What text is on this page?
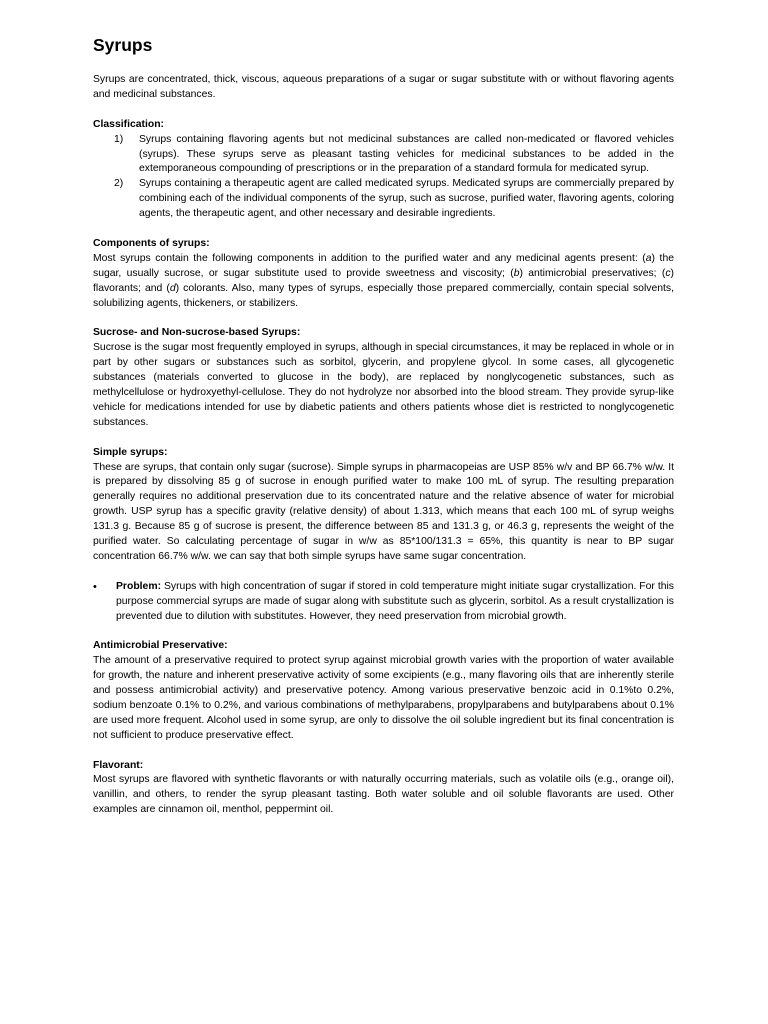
Syrups

Syrups are concentrated, thick, viscous, aqueous preparations of a sugar or sugar substitute with or without flavoring agents and medicinal substances.

Classification:

1) Syrups containing flavoring agents but not medicinal substances are called non-medicated or flavored vehicles (syrups). These syrups serve as pleasant tasting vehicles for medicinal substances to be added in the extemporaneous compounding of prescriptions or in the preparation of a standard formula for medicated syrup.
2) Syrups containing a therapeutic agent are called medicated syrups. Medicated syrups are commercially prepared by combining each of the individual components of the syrup, such as sucrose, purified water, flavoring agents, coloring agents, the therapeutic agent, and other necessary and desirable ingredients.

Components of syrups:

Most syrups contain the following components in addition to the purified water and any medicinal agents present: (a) the sugar, usually sucrose, or sugar substitute used to provide sweetness and viscosity; (b) antimicrobial preservatives; (c) flavorants; and (d) colorants. Also, many types of syrups, especially those prepared commercially, contain special solvents, solubilizing agents, thickeners, or stabilizers.

Sucrose- and Non-sucrose-based Syrups:

Sucrose is the sugar most frequently employed in syrups, although in special circumstances, it may be replaced in whole or in part by other sugars or substances such as sorbitol, glycerin, and propylene glycol. In some cases, all glycogenetic substances (materials converted to glucose in the body), are replaced by nonglycogenetic substances, such as methylcellulose or hydroxyethyl-cellulose. They do not hydrolyze nor absorbed into the blood stream. They provide syrup-like vehicle for medications intended for use by diabetic patients and others patients whose diet is restricted to nonglycogenetic substances.

Simple syrups:

These are syrups, that contain only sugar (sucrose). Simple syrups in pharmacopeias are USP 85% w/v and BP 66.7% w/w. It is prepared by dissolving 85 g of sucrose in enough purified water to make 100 mL of syrup. The resulting preparation generally requires no additional preservation due to its concentrated nature and the relative absence of water for microbial growth. USP syrup has a specific gravity (relative density) of about 1.313, which means that each 100 mL of syrup weighs 131.3 g. Because 85 g of sucrose is present, the difference between 85 and 131.3 g, or 46.3 g, represents the weight of the purified water. So calculating percentage of sugar in w/w as 85*100/131.3 = 65%, this quantity is near to BP sugar concentration 66.7% w/w. we can say that both simple syrups have same sugar concentration.

• Problem: Syrups with high concentration of sugar if stored in cold temperature might initiate sugar crystallization. For this purpose commercial syrups are made of sugar along with substitute such as glycerin, sorbitol. As a result crystallization is prevented due to dilution with substitutes. However, they need preservation from microbial growth.

Antimicrobial Preservative:

The amount of a preservative required to protect syrup against microbial growth varies with the proportion of water available for growth, the nature and inherent preservative activity of some excipients (e.g., many flavoring oils that are inherently sterile and possess antimicrobial activity) and preservative potency. Among various preservative benzoic acid in 0.1%to 0.2%, sodium benzoate 0.1% to 0.2%, and various combinations of methylparabens, propylparabens and butylparabens about 0.1% are used more frequent. Alcohol used in some syrup, are only to dissolve the oil soluble ingredient but its final concentration is not sufficient to produce preservative effect.

Flavorant:

Most syrups are flavored with synthetic flavorants or with naturally occurring materials, such as volatile oils (e.g., orange oil), vanillin, and others, to render the syrup pleasant tasting. Both water soluble and oil soluble flavorants are used. Other examples are cinnamon oil, menthol, peppermint oil.
